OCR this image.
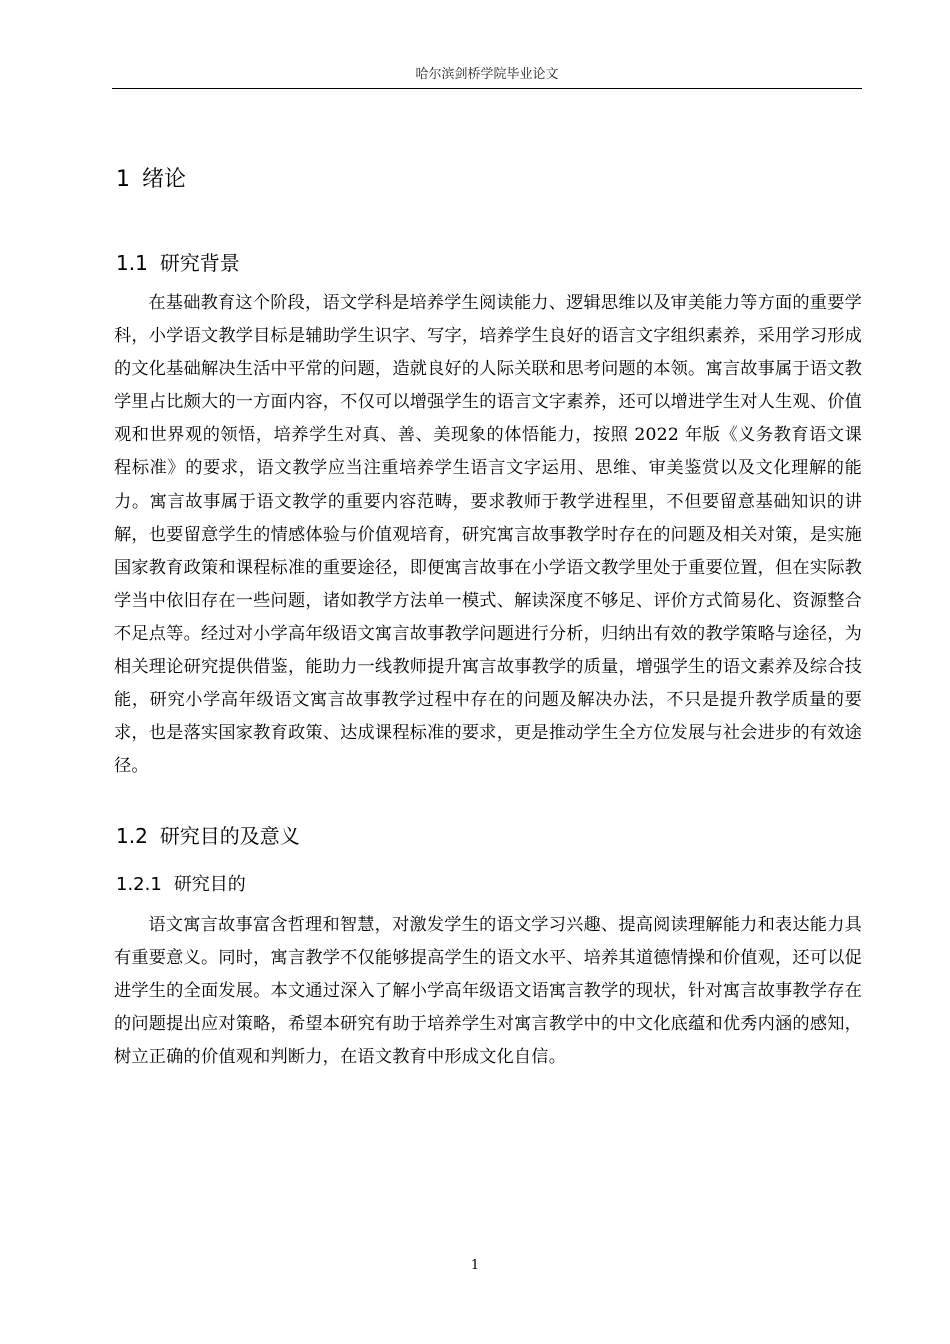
哈尔滨剑桥学院毕业论文
1 绪论
1.1 研究背景

在基础教育这个阶段，语文学科是培养学生阅读能力、逻辑思维以及审美能力等方面的重要学科，小学语文教学目标是辅助学生识字、写字，培养学生良好的语言文字组织素养，采用学习形成的文化基础解决生活中平常的问题，造就良好的人际关联和思考问题的本领。寓言故事属于语文教学里占比颇大的一方面内容，不仅可以增强学生的语言文字素养，还可以增进学生对人生观、价值观和世界观的领悟，培养学生对真、善、美现象的体悟能力，按照 2022 年版《义务教育语文课程标准》的要求，语文教学应当注重培养学生语言文字运用、思维、审美鉴赏以及文化理解的能力。寓言故事属于语文教学的重要内容范畴，要求教师于教学进程里，不但要留意基础知识的讲解，也要留意学生的情感体验与价值观培育，研究寓言故事教学时存在的问题及相关对策，是实施国家教育政策和课程标准的重要途径，即便寓言故事在小学语文教学里处于重要位置，但在实际教学当中依旧存在一些问题，诸如教学方法单一模式、解读深度不够足、评价方式简易化、资源整合不足点等。经过对小学高年级语文寓言故事教学问题进行分析，归纳出有效的教学策略与途径，为相关理论研究提供借鉴，能助力一线教师提升寓言故事教学的质量，增强学生的语文素养及综合技能，研究小学高年级语文寓言故事教学过程中存在的问题及解决办法，不只是提升教学质量的要求，也是落实国家教育政策、达成课程标准的要求，更是推动学生全方位发展与社会进步的有效途径。

1.2 研究目的及意义
1.2.1 研究目的

语文寓言故事富含哲理和智慧，对激发学生的语文学习兴趣、提高阅读理解能力和表达能力具有重要意义。同时，寓言教学不仅能够提高学生的语文水平、培养其道德情操和价值观，还可以促进学生的全面发展。本文通过深入了解小学高年级语文语寓言教学的现状，针对寓言故事教学存在的问题提出应对策略，希望本研究有助于培养学生对寓言教学中的中文化底蕴和优秀内涵的感知，树立正确的价值观和判断力，在语文教育中形成文化自信。

1
